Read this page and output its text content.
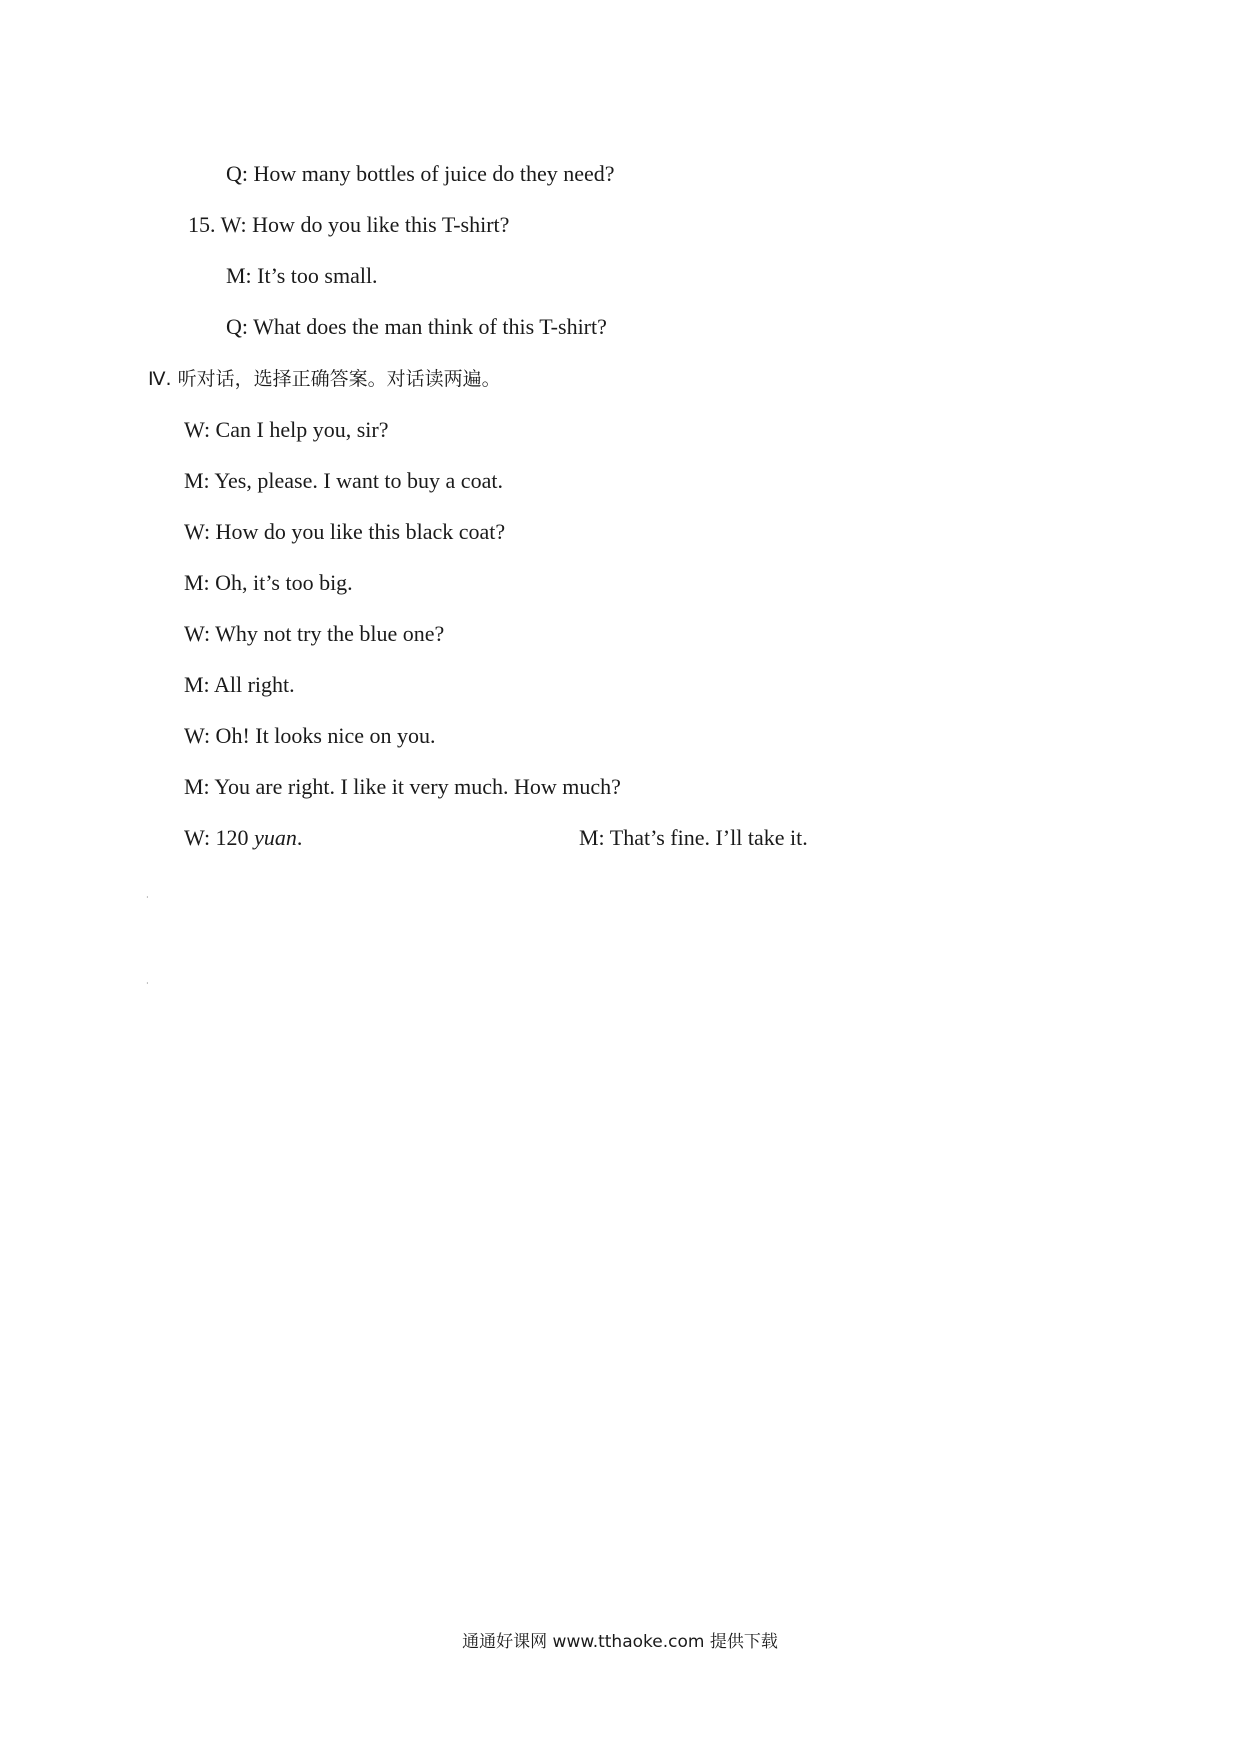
Q: How many bottles of juice do they need?
15. W: How do you like this T-shirt?
M: It’s too small.
Q: What does the man think of this T-shirt?
Ⅳ. 听对话，选择正确答案。对话读两遍。
W: Can I help you, sir?
M: Yes, please. I want to buy a coat.
W: How do you like this black coat?
M: Oh, it’s too big.
W: Why not try the blue one?
M: All right.
W: Oh! It looks nice on you.
M: You are right. I like it very much. How much?
W: 120 yuan.	M: That’s fine. I’ll take it.
·
·
通通好课网 www.tthaoke.com 提供下载
